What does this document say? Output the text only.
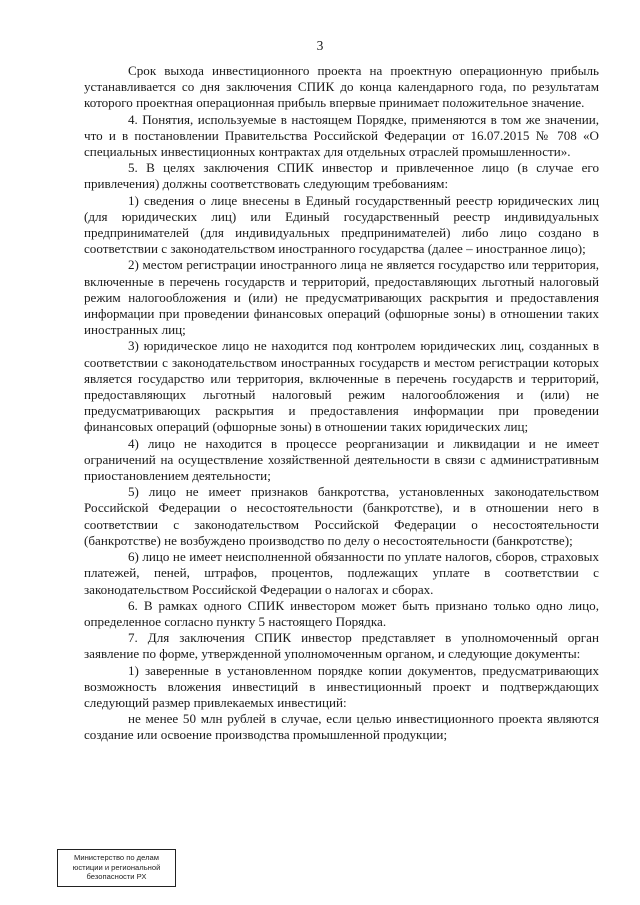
3

Срок выхода инвестиционного проекта на проектную операционную прибыль устанавливается со дня заключения СПИК до конца календарного года, по результатам которого проектная операционная прибыль впервые принимает положительное значение.

4. Понятия, используемые в настоящем Порядке, применяются в том же значении, что и в постановлении Правительства Российской Федерации от 16.07.2015 № 708 «О специальных инвестиционных контрактах для отдельных отраслей промышленности».

5. В целях заключения СПИК инвестор и привлеченное лицо (в случае его привлечения) должны соответствовать следующим требованиям:

1) сведения о лице внесены в Единый государственный реестр юридических лиц (для юридических лиц) или Единый государственный реестр индивидуальных предпринимателей (для индивидуальных предпринимателей) либо лицо создано в соответствии с законодательством иностранного государства (далее – иностранное лицо);

2) местом регистрации иностранного лица не является государство или территория, включенные в перечень государств и территорий, предоставляющих льготный налоговый режим налогообложения и (или) не предусматривающих раскрытия и предоставления информации при проведении финансовых операций (офшорные зоны) в отношении таких иностранных лиц;

3) юридическое лицо не находится под контролем юридических лиц, созданных в соответствии с законодательством иностранных государств и местом регистрации которых является государство или территория, включенные в перечень государств и территорий, предоставляющих льготный налоговый режим налогообложения и (или) не предусматривающих раскрытия и предоставления информации при проведении финансовых операций (офшорные зоны) в отношении таких юридических лиц;

4) лицо не находится в процессе реорганизации и ликвидации и не имеет ограничений на осуществление хозяйственной деятельности в связи с административным приостановлением деятельности;

5) лицо не имеет признаков банкротства, установленных законодательством Российской Федерации о несостоятельности (банкротстве), и в отношении него в соответствии с законодательством Российской Федерации о несостоятельности (банкротстве) не возбуждено производство по делу о несостоятельности (банкротстве);

6) лицо не имеет неисполненной обязанности по уплате налогов, сборов, страховых платежей, пеней, штрафов, процентов, подлежащих уплате в соответствии с законодательством Российской Федерации о налогах и сборах.

6. В рамках одного СПИК инвестором может быть признано только одно лицо, определенное согласно пункту 5 настоящего Порядка.

7. Для заключения СПИК инвестор представляет в уполномоченный орган заявление по форме, утвержденной уполномоченным органом, и следующие документы:

1) заверенные в установленном порядке копии документов, предусматривающих возможность вложения инвестиций в инвестиционный проект и подтверждающих следующий размер привлекаемых инвестиций:

не менее 50 млн рублей в случае, если целью инвестиционного проекта являются создание или освоение производства промышленной продукции;

Министерство по делам
юстиции и региональной
безопасности РХ
